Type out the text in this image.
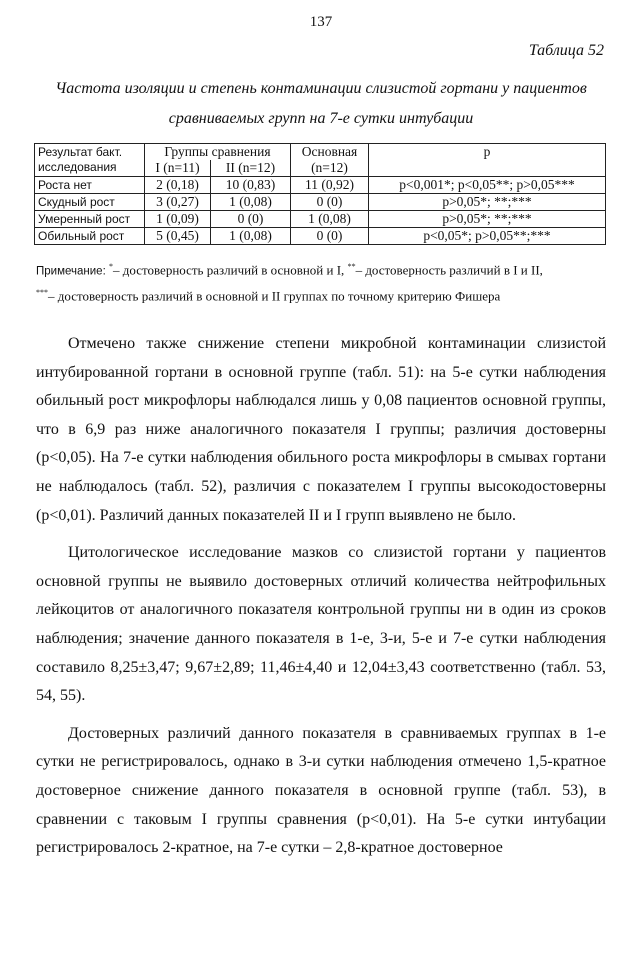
137
Таблица 52
Частота изоляции и степень контаминации слизистой гортани у пациентов сравниваемых групп на 7-е сутки интубации
Результат бакт. исследования	Группы сравнения		Основная	p
	I (n=11)	II (n=12)	(n=12)	
Роста нет	2 (0,18)	10 (0,83)	11 (0,92)	p<0,001*; p<0,05**; p>0,05***
Скудный рост	3 (0,27)	1 (0,08)	0 (0)	p>0,05*; **;***
Умеренный рост	1 (0,09)	0 (0)	1 (0,08)	p>0,05*; **;***
Обильный рост	5 (0,45)	1 (0,08)	0 (0)	p<0,05*; p>0,05**;***
Примечание: *– достоверность различий в основной и I, **– достоверность различий в I и II,
***– достоверность различий в основной и II группах по точному критерию Фишера

Отмечено также снижение степени микробной контаминации слизистой интубированной гортани в основной группе (табл. 51): на 5-е сутки наблюдения обильный рост микрофлоры наблюдался лишь у 0,08 пациентов основной группы, что в 6,9 раз ниже аналогичного показателя I группы; различия достоверны (p<0,05). На 7-е сутки наблюдения обильного роста микрофлоры в смывах гортани не наблюдалось (табл. 52), различия с показателем I группы высокодостоверны (p<0,01). Различий данных показателей II и I групп выявлено не было.

Цитологическое исследование мазков со слизистой гортани у пациентов основной группы не выявило достоверных отличий количества нейтрофильных лейкоцитов от аналогичного показателя контрольной группы ни в один из сроков наблюдения; значение данного показателя в 1-е, 3-и, 5-е и 7-е сутки наблюдения составило 8,25±3,47; 9,67±2,89; 11,46±4,40 и 12,04±3,43 соответственно (табл. 53, 54, 55).

Достоверных различий данного показателя в сравниваемых группах в 1-е сутки не регистрировалось, однако в 3-и сутки наблюдения отмечено 1,5-кратное достоверное снижение данного показателя в основной группе (табл. 53), в сравнении с таковым I группы сравнения (p<0,01). На 5-е сутки интубации регистрировалось 2-кратное, на 7-е сутки – 2,8-кратное достоверное
